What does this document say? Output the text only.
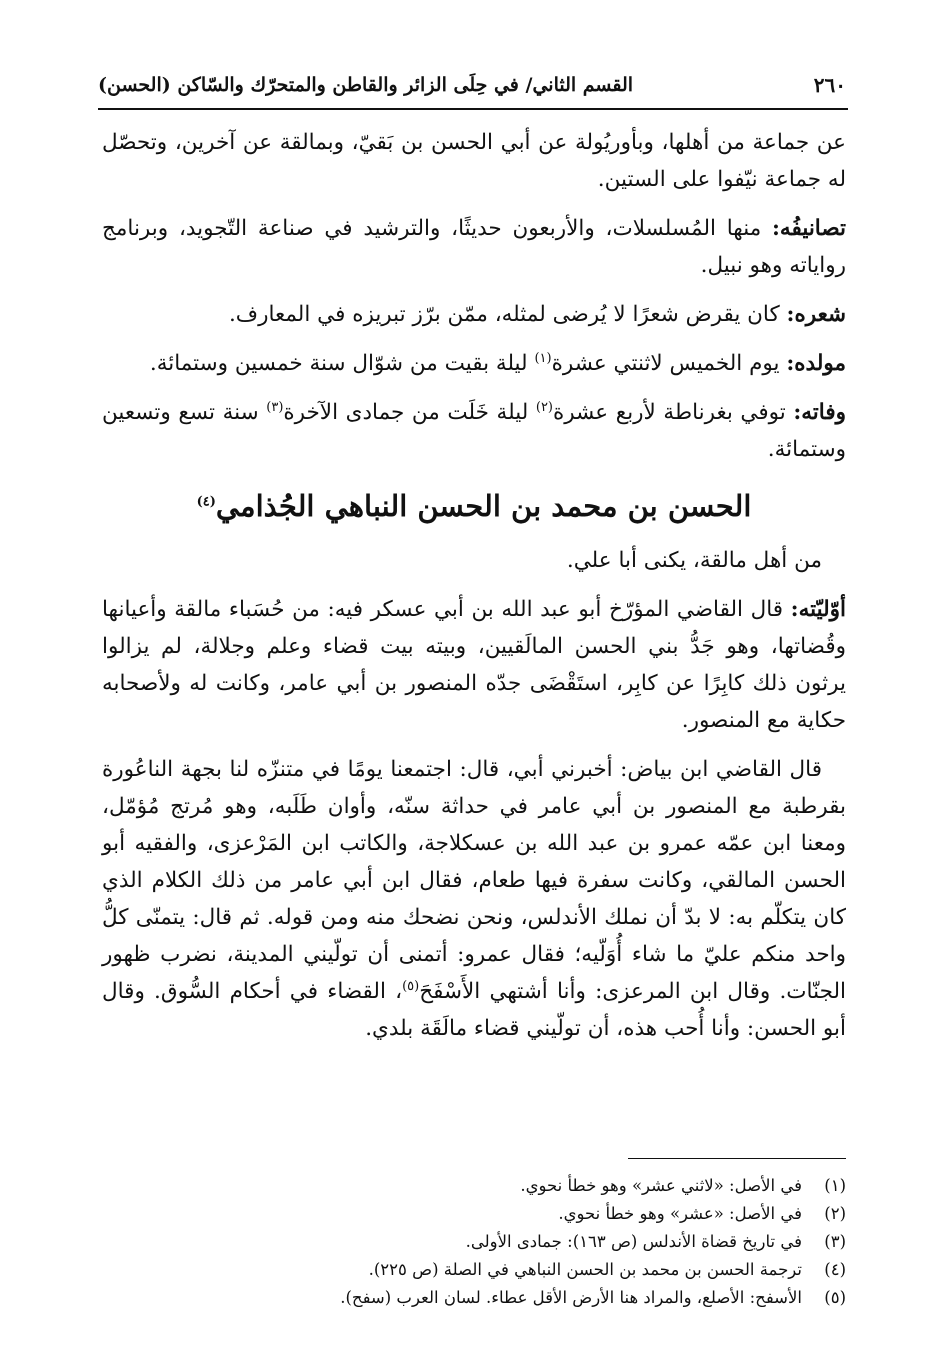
٢٦٠
القسم الثاني/ في حِلَى الزائر والقاطن والمتحرّك والسّاكن (الحسن)

عن جماعة من أهلها، وبأوريُولة عن أبي الحسن بن بَقيّ، وبمالقة عن آخرين، وتحصّل له جماعة نيّفوا على الستين.

تصانيفُه: منها المُسلسلات، والأربعون حديثًا، والترشيد في صناعة التّجويد، وبرنامج رواياته وهو نبيل.

شعره: كان يقرض شعرًا لا يُرضى لمثله، ممّن برّز تبريزه في المعارف.

مولده: يوم الخميس لاثنتي عشرة$^{(١)}$ ليلة بقيت من شوّال سنة خمسين وستمائة.

وفاته: توفي بغرناطة لأربع عشرة$^{(٢)}$ ليلة خَلَت من جمادى الآخرة$^{(٣)}$ سنة تسع وتسعين وستمائة.

الحسن بن محمد بن الحسن النباهي الجُذامي$^{(٤)}$

من أهل مالقة، يكنى أبا علي.

أوّليّته: قال القاضي المؤرّخ أبو عبد الله بن أبي عسكر فيه: من حُسَباء مالقة وأعيانها وقُضاتها، وهو جَدُّ بني الحسن المالَقيين، وبيته بيت قضاء وعلم وجلالة، لم يزالوا يرثون ذلك كابِرًا عن كابِر، استَقْضَى جدّه المنصور بن أبي عامر، وكانت له ولأصحابه حكاية مع المنصور.

قال القاضي ابن بياض: أخبرني أبي، قال: اجتمعنا يومًا في متنزّه لنا بجهة الناعُورة بقرطبة مع المنصور بن أبي عامر في حداثة سنّه، وأوان طَلَبه، وهو مُرتج مُؤمّل، ومعنا ابن عمّه عمرو بن عبد الله بن عسكلاجة، والكاتب ابن المَرْعزى، والفقيه أبو الحسن المالقي، وكانت سفرة فيها طعام، فقال ابن أبي عامر من ذلك الكلام الذي كان يتكلّم به: لا بدّ أن نملك الأندلس، ونحن نضحك منه ومن قوله. ثم قال: يتمنّى كلُّ واحد منكم عليّ ما شاء أُوَلّيه؛ فقال عمرو: أتمنى أن تولّيني المدينة، نضرب ظهور الجنّات. وقال ابن المرعزى: وأنا أشتهي الأَسْفَحَ$^{(٥)}$، القضاء في أحكام السُّوق. وقال أبو الحسن: وأنا أُحب هذه، أن تولّيني قضاء مالَقَة بلدي.

(١)
في الأصل: «لاثني عشر» وهو خطأ نحوي.
(٢)
في الأصل: «عشر» وهو خطأ نحوي.
(٣)
في تاريخ قضاة الأندلس (ص ١٦٣): جمادى الأولى.
(٤)
ترجمة الحسن بن محمد بن الحسن النباهي في الصلة (ص ٢٢٥).
(٥)
الأسفح: الأصلع، والمراد هنا الأرض الأقل عطاء. لسان العرب (سفح).
